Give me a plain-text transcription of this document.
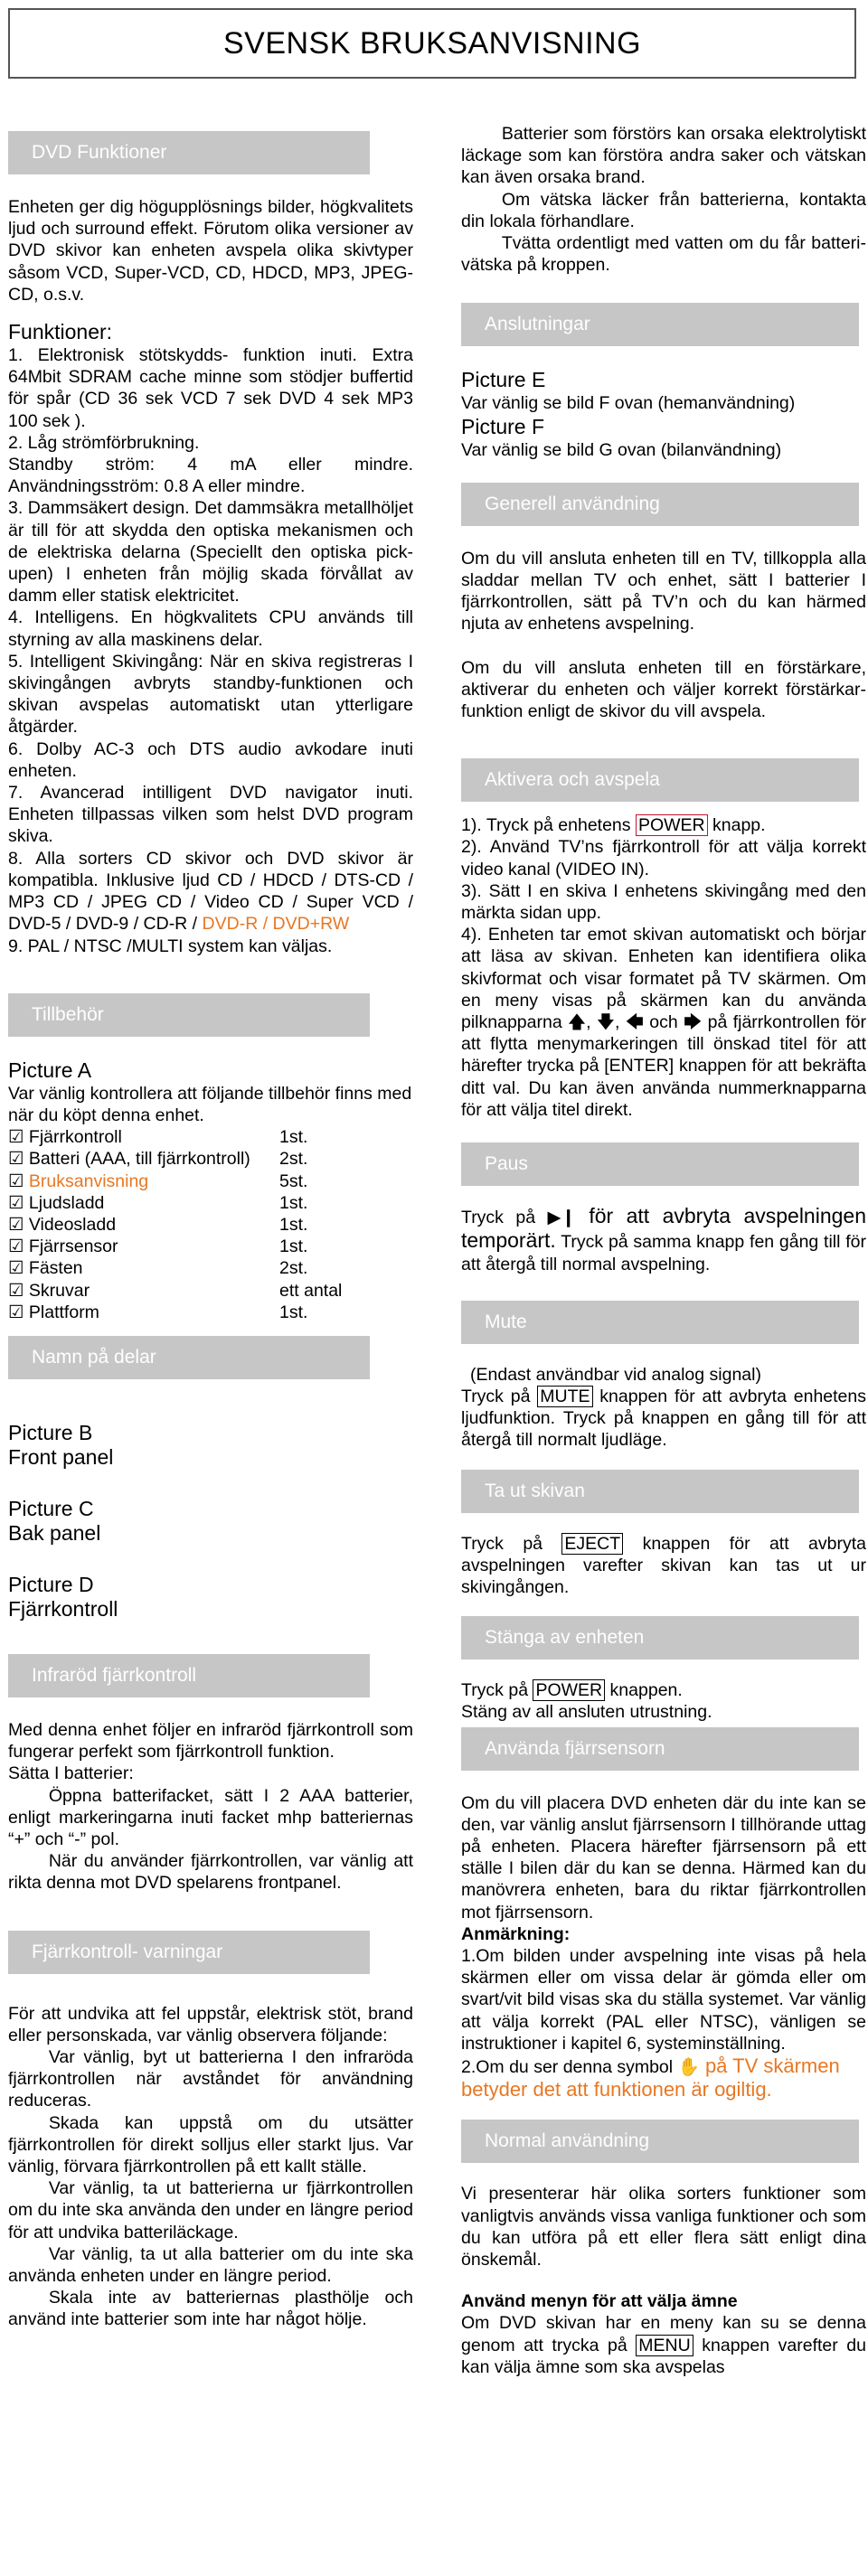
SVENSK BRUKSANVISNING
DVD Funktioner

Enheten ger dig högupplösnings bilder, högkvalitets ljud och surround effekt. Förutom olika versioner av DVD skivor kan enheten avspela olika skivtyper såsom VCD, Super-VCD, CD, HDCD, MP3, JPEG-CD, o.s.v.

Funktioner:

1. Elektronisk stötskydds- funktion inuti. Extra 64Mbit SDRAM cache minne som stödjer buffertid för spår (CD 36 sek VCD 7 sek DVD 4 sek MP3 100 sek ).

2. Låg strömförbrukning.

Standby ström: 4 mA eller mindre. Användningsström: 0.8 A eller mindre.

3. Dammsäkert design. Det dammsäkra metallhöljet är till för att skydda den optiska mekanismen och de elektriska delarna (Speciellt den optiska pick- upen) I enheten från möjlig skada förvållat av damm eller statisk elektricitet.

4. Intelligens. En högkvalitets CPU används till styrning av alla maskinens delar.

5. Intelligent Skivingång: När en skiva registreras I skivingången avbryts standby-funktionen och skivan avspelas automatiskt utan ytterligare åtgärder.

6. Dolby AC-3 och DTS audio avkodare inuti enheten.

7. Avancerad intilligent DVD navigator inuti. Enheten tillpassas vilken som helst DVD program skiva.

8. Alla sorters CD skivor och DVD skivor är kompatibla. Inklusive ljud CD / HDCD / DTS-CD / MP3 CD / JPEG CD / Video CD / Super VCD / DVD-5 / DVD-9 / CD-R / DVD-R / DVD+RW

9. PAL / NTSC /MULTI system kan väljas.

Tillbehör

Picture A

Var vänlig kontrollera att följande tillbehör finns med när du köpt denna enhet.

☑ Fjärrkontroll	1st.
☑ Batteri (AAA, till fjärrkontroll)	2st.
☑ Bruksanvisning	5st.
☑ Ljudsladd	1st.
☑ Videosladd	1st.
☑ Fjärrsensor	1st.
☑ Fästen	2st.
☑ Skruvar	ett antal
☑ Plattform	1st.
Namn på delar

Picture B

Front panel

Picture C

Bak panel

Picture D

Fjärrkontroll

Infraröd fjärrkontroll

Med denna enhet följer en infraröd fjärrkontroll som fungerar perfekt som fjärrkontroll funktion.

Sätta I batterier:

Öppna batterifacket, sätt I 2 AAA batterier, enligt markeringarna inuti facket mhp batteriernas “+” och “-” pol.

När du använder fjärrkontrollen, var vänlig att rikta denna mot DVD spelarens frontpanel.

Fjärrkontroll- varningar

För att undvika att fel uppstår, elektrisk stöt, brand eller personskada, var vänlig observera följande:

Var vänlig, byt ut batterierna I den infraröda fjärrkontrollen när avståndet för användning reduceras.

Skada kan uppstå om du utsätter fjärrkontrollen för direkt solljus eller starkt ljus. Var vänlig, förvara fjärrkontrollen på ett kallt ställe.

Var vänlig, ta ut batterierna ur fjärrkontrollen om du inte ska använda den under en längre period för att undvika batteriläckage.

Var vänlig, ta ut alla batterier om du inte ska använda enheten under en längre period.

Skala inte av batteriernas plasthölje och använd inte batterier som inte har något hölje.

Batterier som förstörs kan orsaka elektrolytiskt läckage som kan förstöra andra saker och vätskan kan även orsaka brand.

Om vätska läcker från batterierna, kontakta din lokala förhandlare.

Tvätta ordentligt med vatten om du får batteri- vätska på kroppen.

Anslutningar

Picture E

Var vänlig se bild F ovan (hemanvändning)

Picture F

Var vänlig se bild G ovan (bilanvändning)

Generell användning

Om du vill ansluta enheten till en TV, tillkoppla alla sladdar mellan TV och enhet, sätt I batterier I fjärrkontrollen, sätt på TV’n och du kan härmed njuta av enhetens avspelning.

Om du vill ansluta enheten till en förstärkare, aktiverar du enheten och väljer korrekt förstärkar- funktion enligt de skivor du vill avspela.

Aktivera och avspela

1). Tryck på enhetens POWER knapp.

2). Använd TV’ns fjärrkontroll för att välja korrekt video kanal (VIDEO IN).

3). Sätt I en skiva I enhetens skivingång med den märkta sidan upp.

4). Enheten tar emot skivan automatiskt och börjar att läsa av skivan. Enheten kan identifiera olika skivformat och visar formatet på TV skärmen. Om en meny visas på skärmen kan du använda pilknapparna 🡅, 🡇, 🡄 och 🡆 på fjärrkontrollen för att flytta menymarkeringen till önskad titel för att härefter trycka på [ENTER] knappen för att bekräfta ditt val. Du kan även använda nummerknapparna för att välja titel direkt.

Paus

Tryck på ▶❙ för att avbryta avspelningen temporärt. Tryck på samma knapp fen gång till för att återgå till normal avspelning.

Mute

(Endast användbar vid analog signal)

Tryck på MUTE knappen för att avbryta enhetens ljudfunktion. Tryck på knappen en gång till för att återgå till normalt ljudläge.

Ta ut skivan

Tryck på EJECT knappen för att avbryta avspelningen varefter skivan kan tas ut ur skivingången.

Stänga av enheten

Tryck på POWER knappen.

Stäng av all ansluten utrustning.

Använda fjärrsensorn

Om du vill placera DVD enheten där du inte kan se den, var vänlig anslut fjärrsensorn I tillhörande uttag på enheten. Placera härefter fjärrsensorn på ett ställe I bilen där du kan se denna. Härmed kan du manövrera enheten, bara du riktar fjärrkontrollen mot fjärrsensorn.

Anmärkning:

1.Om bilden under avspelning inte visas på hela skärmen eller om vissa delar är gömda eller om svart/vit bild visas ska du ställa systemet. Var vänlig att välja korrekt (PAL eller NTSC), vänligen se instruktioner i kapitel 6, systeminställning.

2.Om du ser denna symbol ✋ på TV skärmen betyder det att funktionen är ogiltig.

Normal användning

Vi presenterar här olika sorters funktioner som vanligtvis används vissa vanliga funktioner och som du kan utföra på ett eller flera sätt enligt dina önskemål.

Använd menyn för att välja ämne

Om DVD skivan har en meny kan su se denna genom att trycka på MENU knappen varefter du kan välja ämne som ska avspelas
